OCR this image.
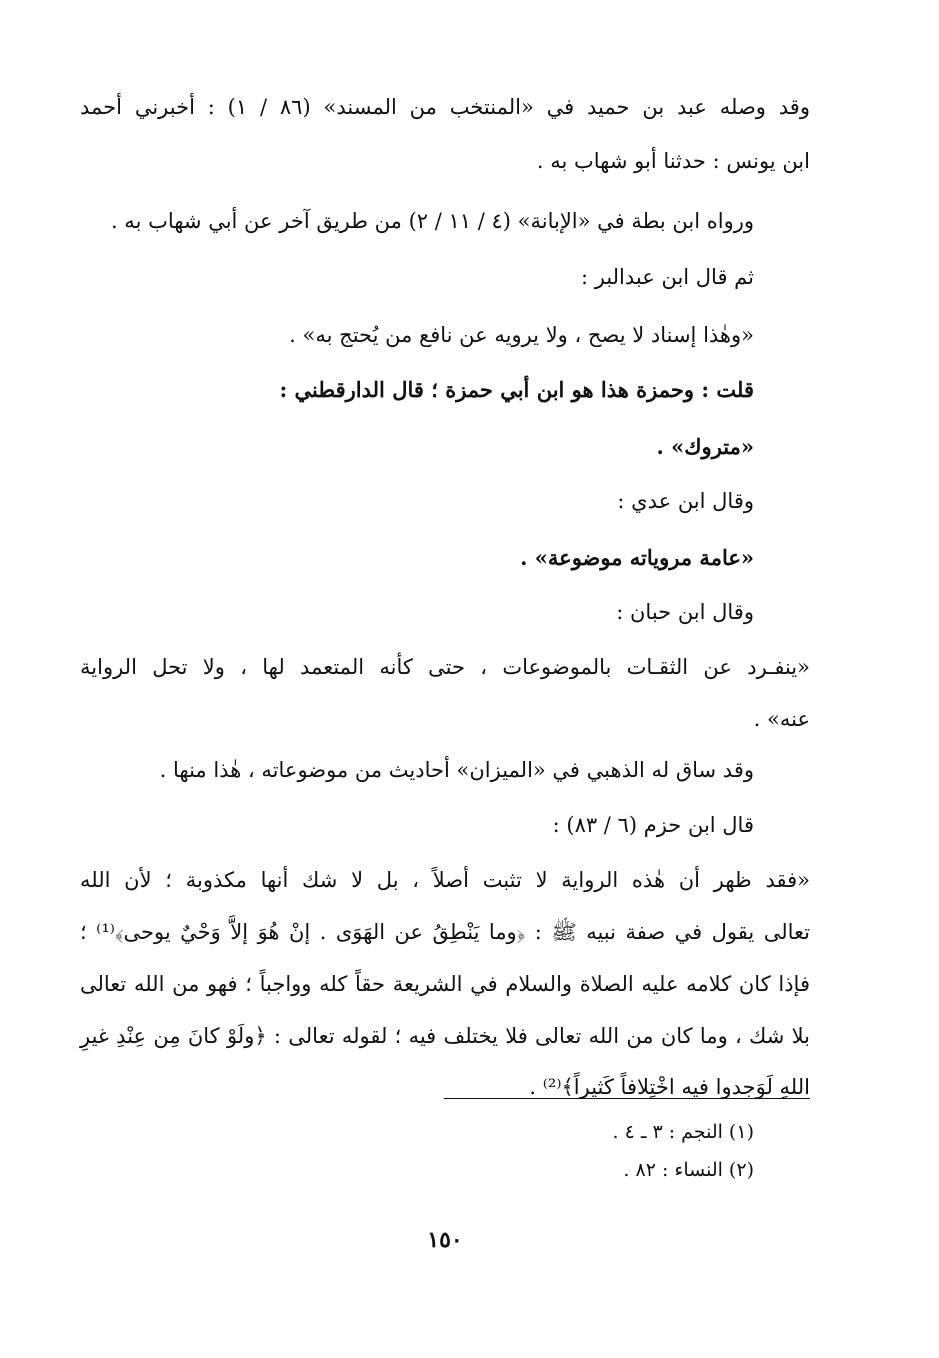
وقد وصله عبد بن حميد في «المنتخب من المسند» (٨٦ / ١) : أخبرني أحمد
ابن يونس : حدثنا أبو شهاب به .
ورواه ابن بطة في «الإبانة» (٤ / ١١ / ٢) من طريق آخر عن أبي شهاب به .
ثم قال ابن عبدالبر :
«وهٰذا إسناد لا يصح ، ولا يرويه عن نافع من يُحتج به» .
قلت : وحمزة هذا هو ابن أبي حمزة ؛ قال الدارقطني :
«متروك» .
وقال ابن عدي :
«عامة مروياته موضوعة» .
وقال ابن حبان :
«ينفـرد عن الثقـات بالموضوعات ، حتى كأنه المتعمد لها ، ولا تحل الرواية
عنه» .
وقد ساق له الذهبي في «الميزان» أحاديث من موضوعاته ، هٰذا منها .
قال ابن حزم (٦ / ٨٣) :
«فقد ظهر أن هٰذه الرواية لا تثبت أصلاً ، بل لا شك أنها مكذوبة ؛ لأن الله
تعالى يقول في صفة نبيه ﷺ : ﴿وما يَنْطِقُ عن الهَوَى . إنْ هُوَ إلاَّ وَحْيٌ يوحى﴾⁽¹⁾ ؛
فإذا كان كلامه عليه الصلاة والسلام في الشريعة حقاً كله وواجباً ؛ فهو من الله تعالى
بلا شك ، وما كان من الله تعالى فلا يختلف فيه ؛ لقوله تعالى : ﴿ولَوْ كانَ مِن عِنْدِ غيرِ
اللهِ لَوَجدوا فيه اخْتِلافاً كَثيراً﴾⁽²⁾ .
(١) النجم : ٣ ـ ٤ .
(٢) النساء : ٨٢ .
١٥٠
